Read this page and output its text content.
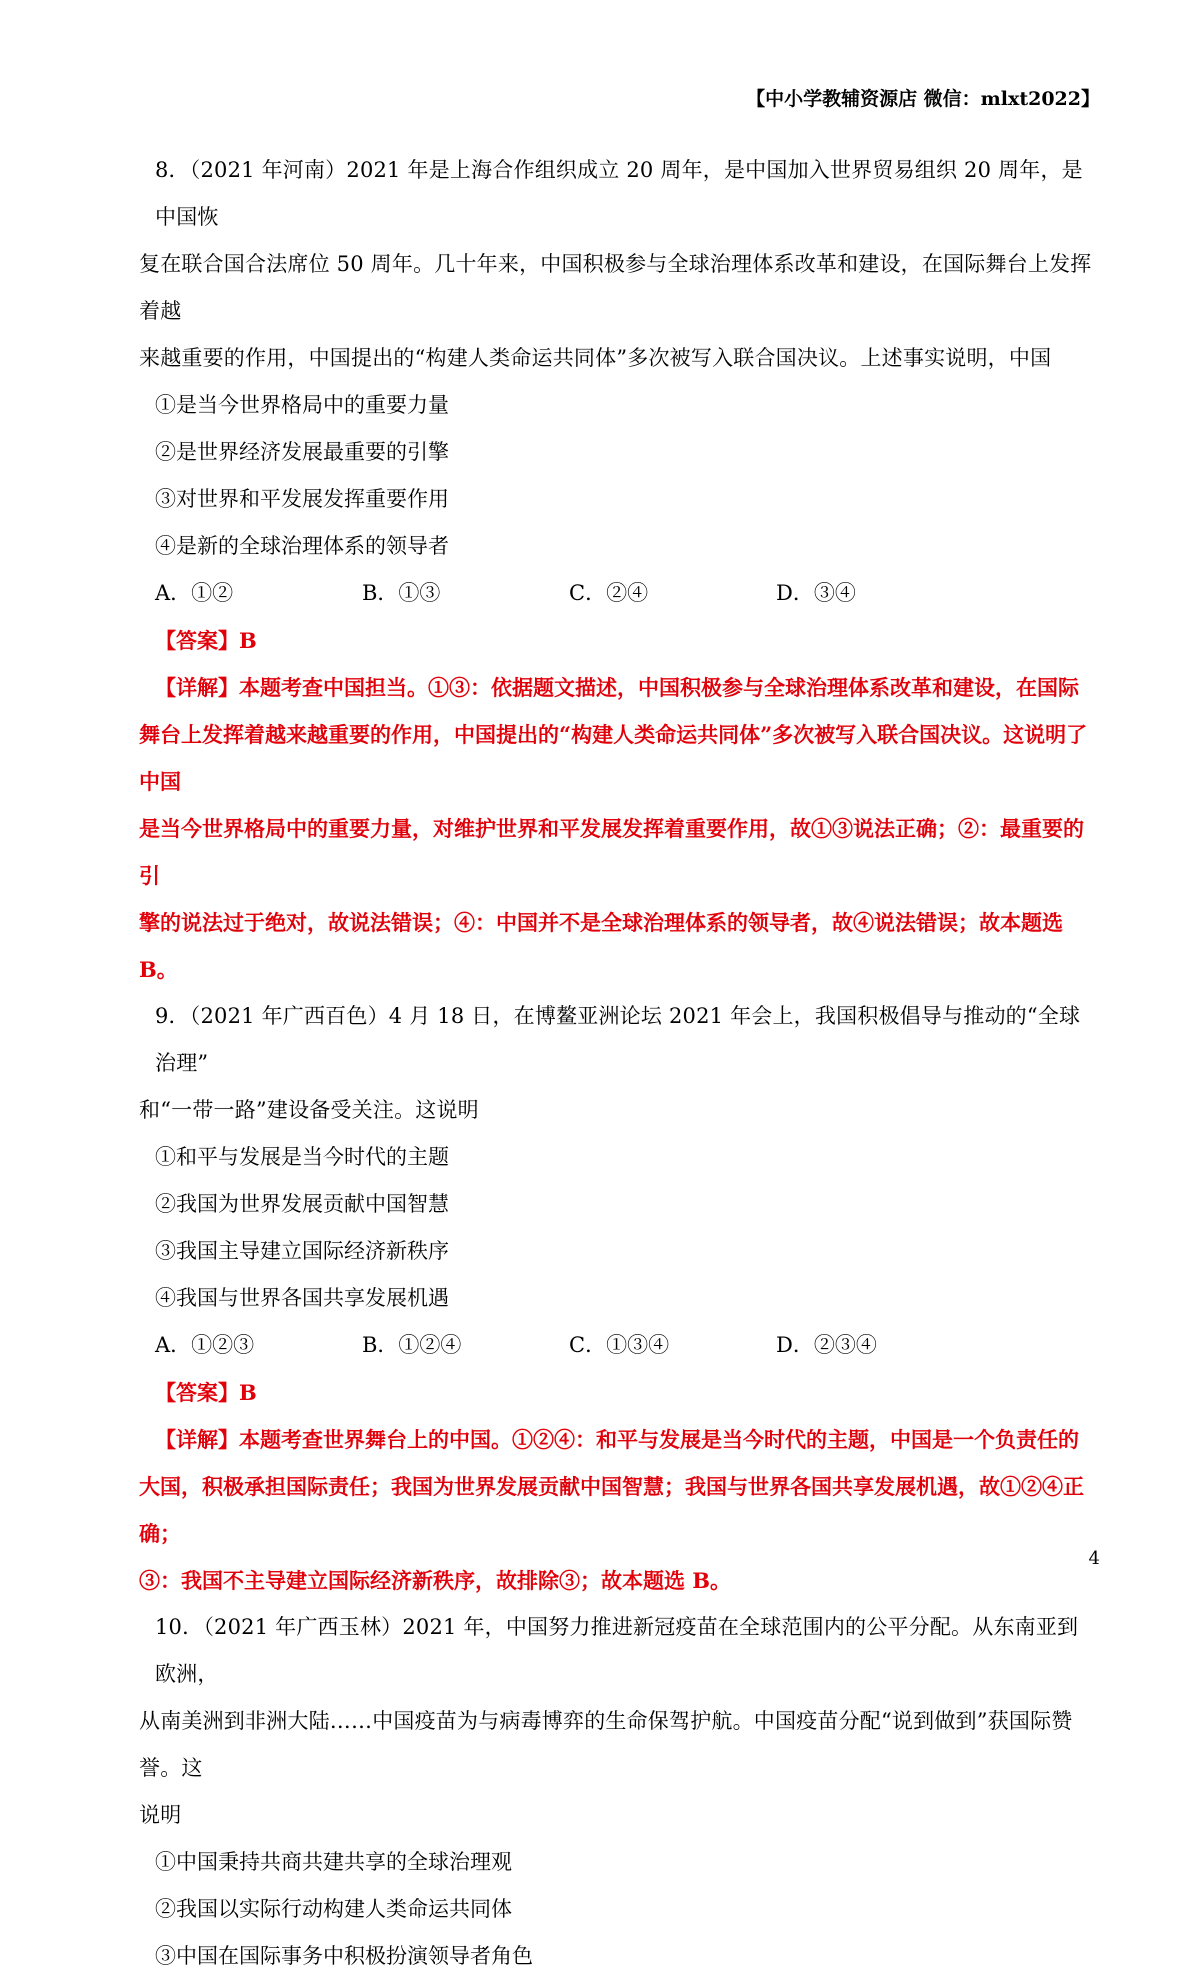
【中小学教辅资源店 微信：mlxt2022】

8．（2021 年河南）2021 年是上海合作组织成立 20 周年，是中国加入世界贸易组织 20 周年，是中国恢

复在联合国合法席位 50 周年。几十年来，中国积极参与全球治理体系改革和建设，在国际舞台上发挥着越

来越重要的作用，中国提出的“构建人类命运共同体”多次被写入联合国决议。上述事实说明，中国

①是当今世界格局中的重要力量

②是世界经济发展最重要的引擎

③对世界和平发展发挥重要作用

④是新的全球治理体系的领导者

A．①②	B．①③	C．②④	D．③④

【答案】B

【详解】本题考查中国担当。①③：依据题文描述，中国积极参与全球治理体系改革和建设，在国际

舞台上发挥着越来越重要的作用，中国提出的“构建人类命运共同体”多次被写入联合国决议。这说明了中国

是当今世界格局中的重要力量，对维护世界和平发展发挥着重要作用，故①③说法正确；②：最重要的引

擎的说法过于绝对，故说法错误；④：中国并不是全球治理体系的领导者，故④说法错误；故本题选 B。

9．（2021 年广西百色）4 月 18 日，在博鳌亚洲论坛 2021 年会上，我国积极倡导与推动的“全球治理”

和“一带一路”建设备受关注。这说明

①和平与发展是当今时代的主题

②我国为世界发展贡献中国智慧

③我国主导建立国际经济新秩序

④我国与世界各国共享发展机遇

A．①②③	B．①②④	C．①③④	D．②③④

【答案】B

【详解】本题考查世界舞台上的中国。①②④：和平与发展是当今时代的主题，中国是一个负责任的

大国，积极承担国际责任；我国为世界发展贡献中国智慧；我国与世界各国共享发展机遇，故①②④正确；

③：我国不主导建立国际经济新秩序，故排除③；故本题选 B。

10．（2021 年广西玉林）2021 年，中国努力推进新冠疫苗在全球范围内的公平分配。从东南亚到欧洲，

从南美洲到非洲大陆……中国疫苗为与病毒博弈的生命保驾护航。中国疫苗分配“说到做到”获国际赞誉。这

说明

①中国秉持共商共建共享的全球治理观

②我国以实际行动构建人类命运共同体

③中国在国际事务中积极扮演领导者角色

4
